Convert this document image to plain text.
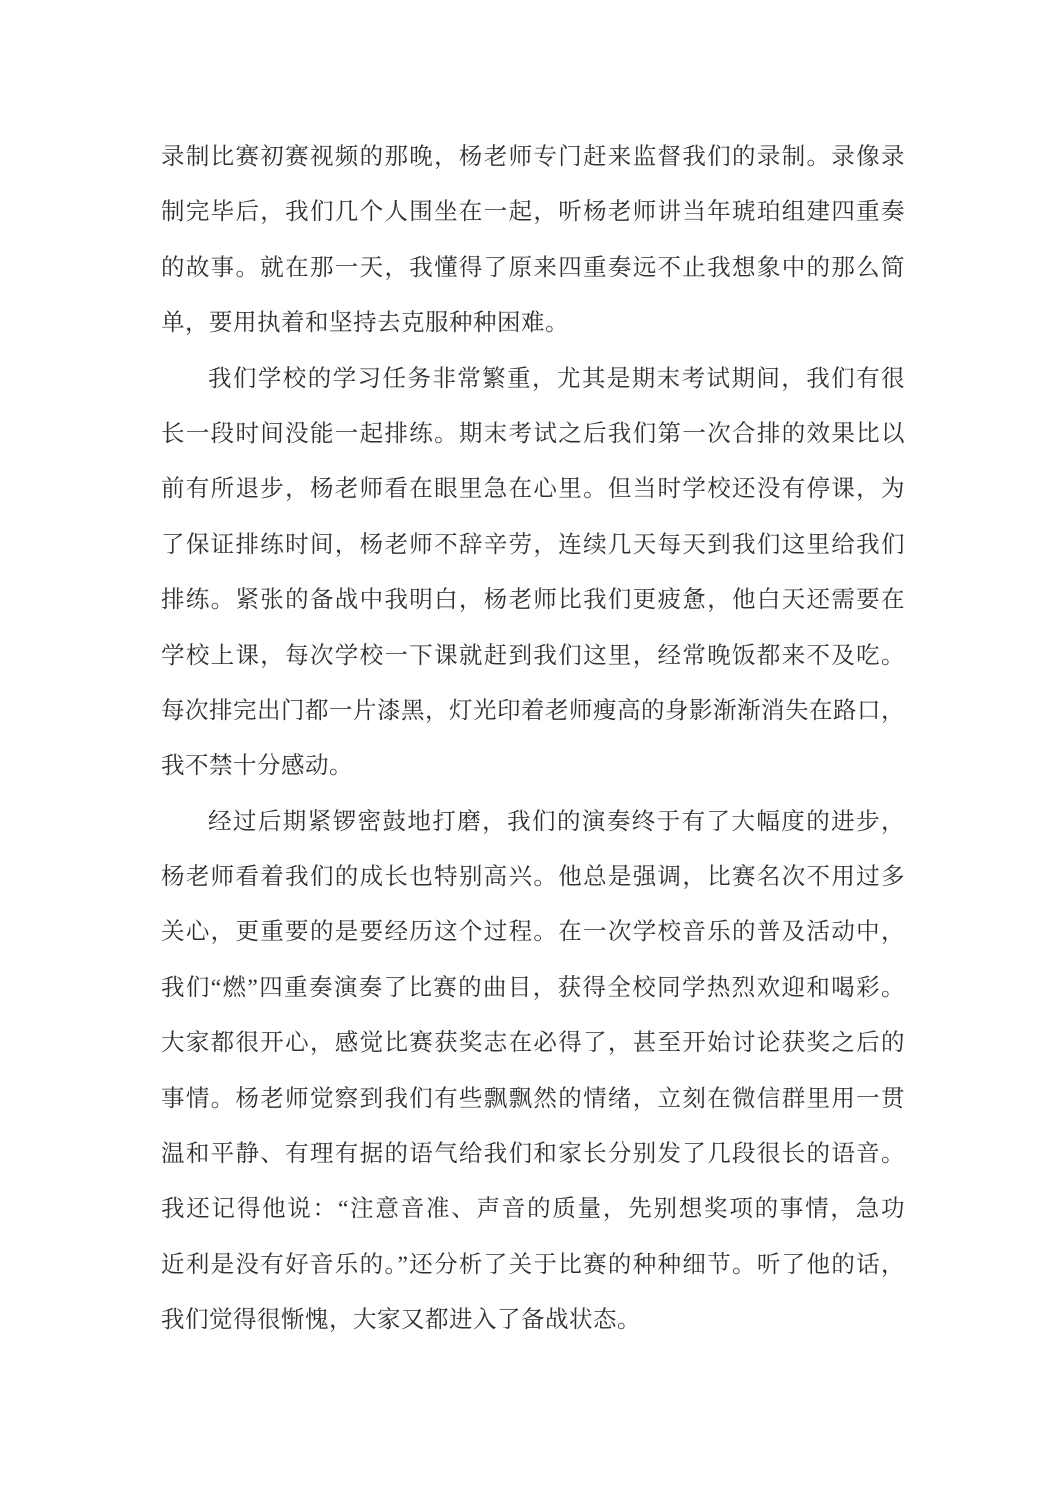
录制比赛初赛视频的那晚，杨老师专门赶来监督我们的录制。录像录
制完毕后，我们几个人围坐在一起，听杨老师讲当年琥珀组建四重奏
的故事。就在那一天，我懂得了原来四重奏远不止我想象中的那么简
单，要用执着和坚持去克服种种困难。
我们学校的学习任务非常繁重，尤其是期末考试期间，我们有很
长一段时间没能一起排练。期末考试之后我们第一次合排的效果比以
前有所退步，杨老师看在眼里急在心里。但当时学校还没有停课，为
了保证排练时间，杨老师不辞辛劳，连续几天每天到我们这里给我们
排练。紧张的备战中我明白，杨老师比我们更疲惫，他白天还需要在
学校上课，每次学校一下课就赶到我们这里，经常晚饭都来不及吃。
每次排完出门都一片漆黑，灯光印着老师瘦高的身影渐渐消失在路口，
我不禁十分感动。
经过后期紧锣密鼓地打磨，我们的演奏终于有了大幅度的进步，
杨老师看着我们的成长也特别高兴。他总是强调，比赛名次不用过多
关心，更重要的是要经历这个过程。在一次学校音乐的普及活动中，
我们“燃”四重奏演奏了比赛的曲目，获得全校同学热烈欢迎和喝彩。
大家都很开心，感觉比赛获奖志在必得了，甚至开始讨论获奖之后的
事情。杨老师觉察到我们有些飘飘然的情绪，立刻在微信群里用一贯
温和平静、有理有据的语气给我们和家长分别发了几段很长的语音。
我还记得他说：“注意音准、声音的质量，先别想奖项的事情，急功
近利是没有好音乐的。”还分析了关于比赛的种种细节。听了他的话，
我们觉得很惭愧，大家又都进入了备战状态。
